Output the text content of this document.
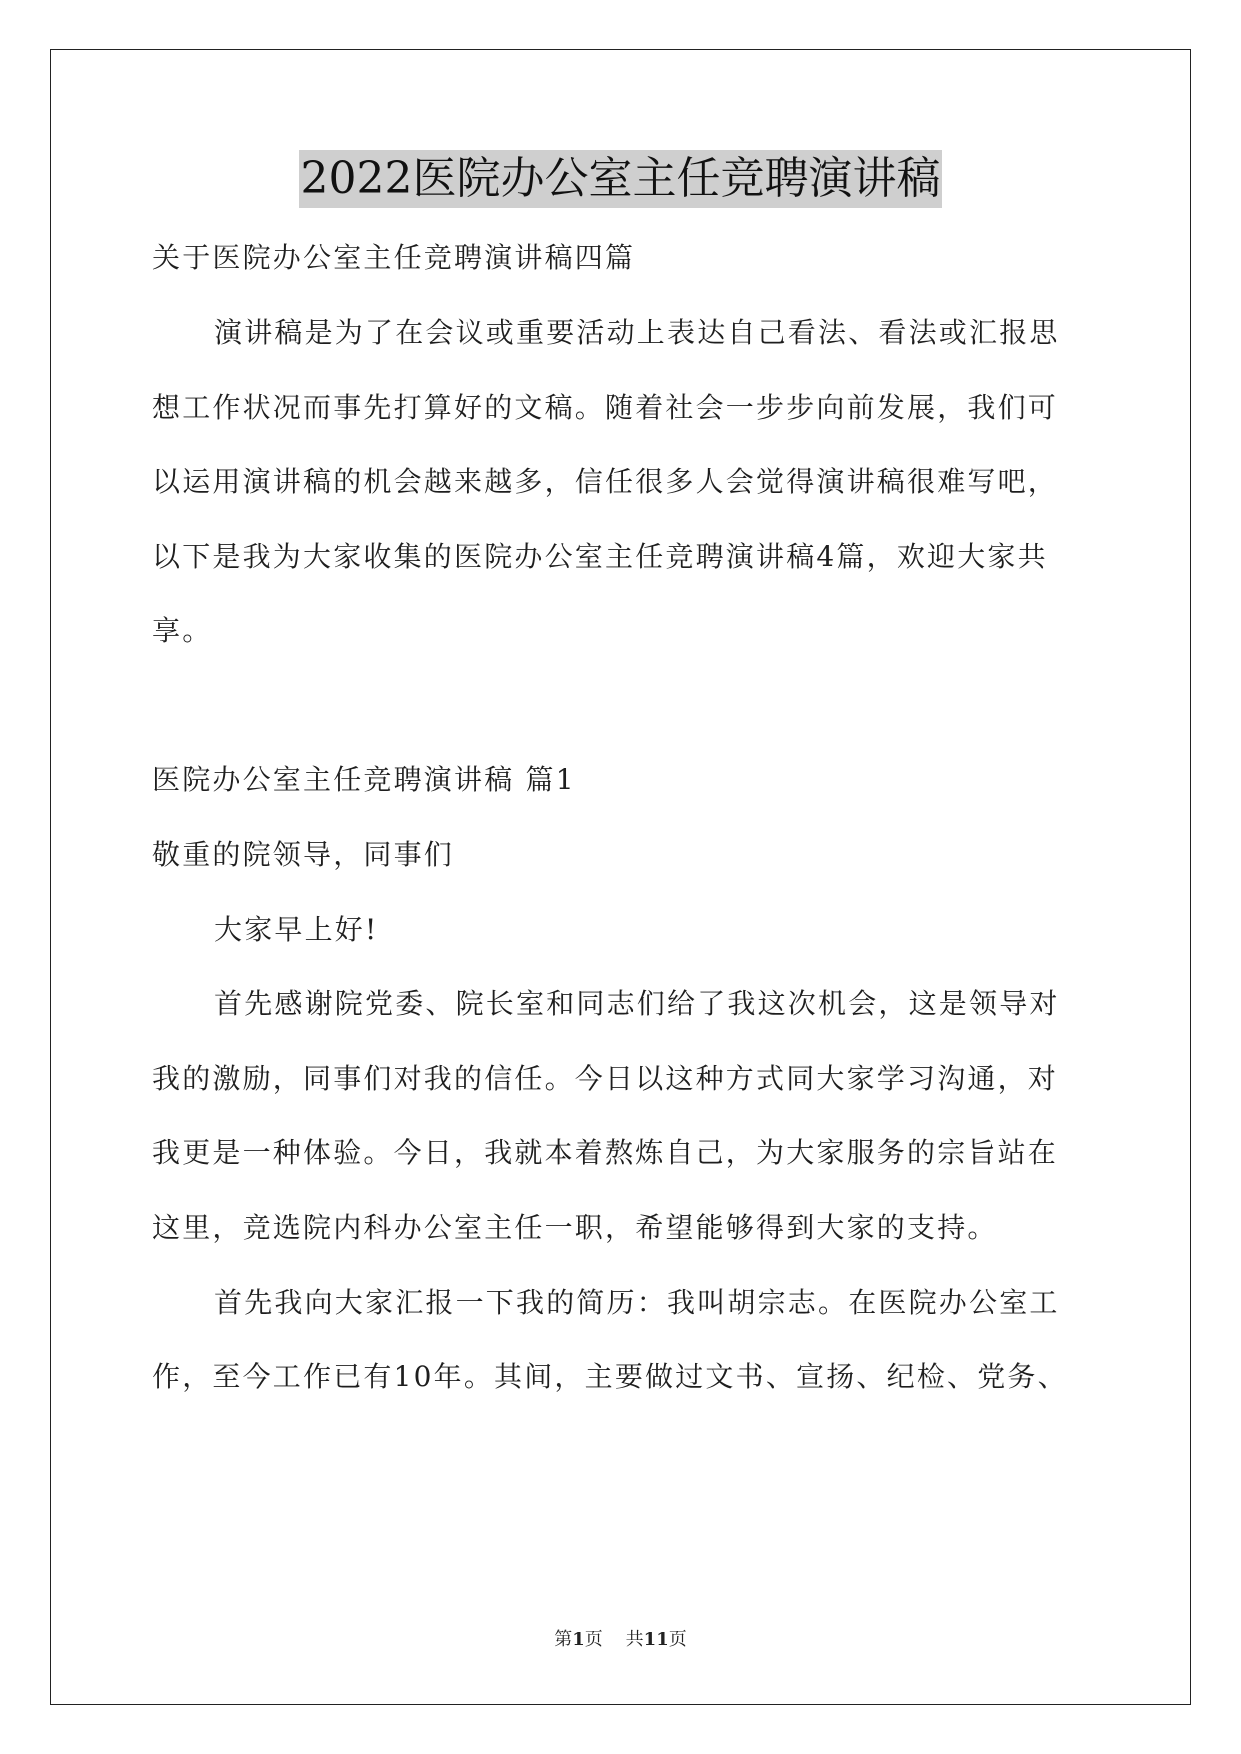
2022医院办公室主任竞聘演讲稿
关于医院办公室主任竞聘演讲稿四篇
演讲稿是为了在会议或重要活动上表达自己看法、看法或汇报思
想工作状况而事先打算好的文稿。随着社会一步步向前发展，我们可
以运用演讲稿的机会越来越多，信任很多人会觉得演讲稿很难写吧，
以下是我为大家收集的医院办公室主任竞聘演讲稿4篇，欢迎大家共
享。
医院办公室主任竞聘演讲稿 篇1
敬重的院领导，同事们
大家早上好!
首先感谢院党委、院长室和同志们给了我这次机会，这是领导对
我的激励，同事们对我的信任。今日以这种方式同大家学习沟通，对
我更是一种体验。今日，我就本着熬炼自己，为大家服务的宗旨站在
这里，竞选院内科办公室主任一职，希望能够得到大家的支持。
首先我向大家汇报一下我的简历：我叫胡宗志。在医院办公室工
作，至今工作已有10年。其间，主要做过文书、宣扬、纪检、党务、
第1页 共11页
